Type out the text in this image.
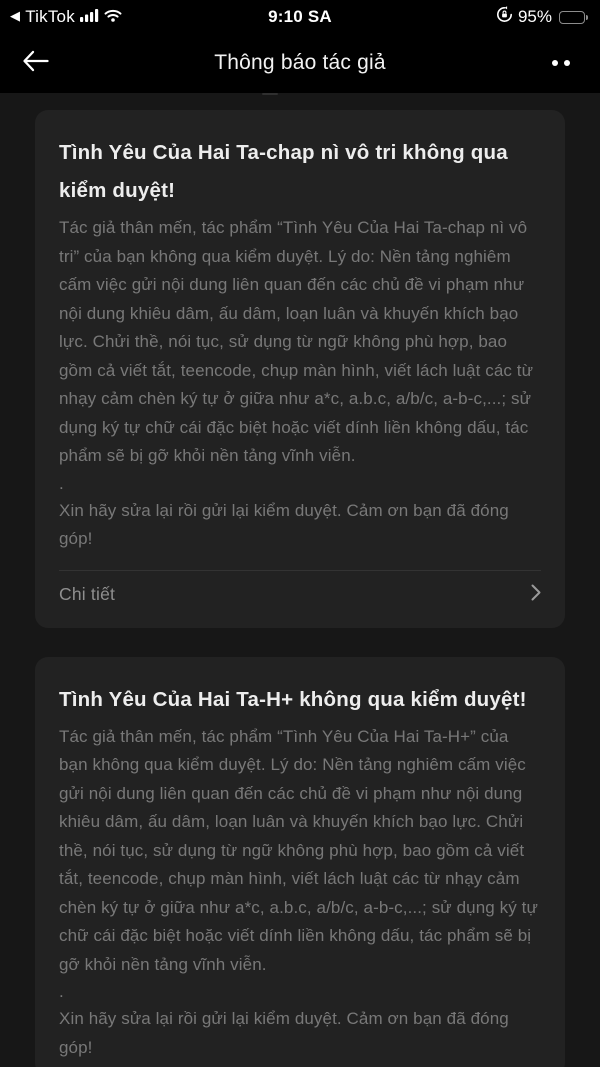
◀ TikTok	9:10 SA	95%
Thông báo tác giả
Tình Yêu Của Hai Ta-chap nì vô tri không qua kiểm duyệt!

Tác giả thân mến, tác phẩm “Tình Yêu Của Hai Ta-chap nì vô tri” của bạn không qua kiểm duyệt. Lý do: Nền tảng nghiêm cấm việc gửi nội dung liên quan đến các chủ đề vi phạm như nội dung khiêu dâm, ấu dâm, loạn luân và khuyến khích bạo lực. Chửi thề, nói tục, sử dụng từ ngữ không phù hợp, bao gồm cả viết tắt, teencode, chụp màn hình, viết lách luật các từ nhạy cảm chèn ký tự ở giữa như a*c, a.b.c, a/b/c, a-b-c,...; sử dụng ký tự chữ cái đặc biệt hoặc viết dính liền không dấu, tác phẩm sẽ bị gỡ khỏi nền tảng vĩnh viễn.

.

Xin hãy sửa lại rồi gửi lại kiểm duyệt. Cảm ơn bạn đã đóng góp!

Chi tiết
Tình Yêu Của Hai Ta-H+ không qua kiểm duyệt!

Tác giả thân mến, tác phẩm “Tình Yêu Của Hai Ta-H+” của bạn không qua kiểm duyệt. Lý do: Nền tảng nghiêm cấm việc gửi nội dung liên quan đến các chủ đề vi phạm như nội dung khiêu dâm, ấu dâm, loạn luân và khuyến khích bạo lực. Chửi thề, nói tục, sử dụng từ ngữ không phù hợp, bao gồm cả viết tắt, teencode, chụp màn hình, viết lách luật các từ nhạy cảm chèn ký tự ở giữa như a*c, a.b.c, a/b/c, a-b-c,...; sử dụng ký tự chữ cái đặc biệt hoặc viết dính liền không dấu, tác phẩm sẽ bị gỡ khỏi nền tảng vĩnh viễn.

.

Xin hãy sửa lại rồi gửi lại kiểm duyệt. Cảm ơn bạn đã đóng góp!
